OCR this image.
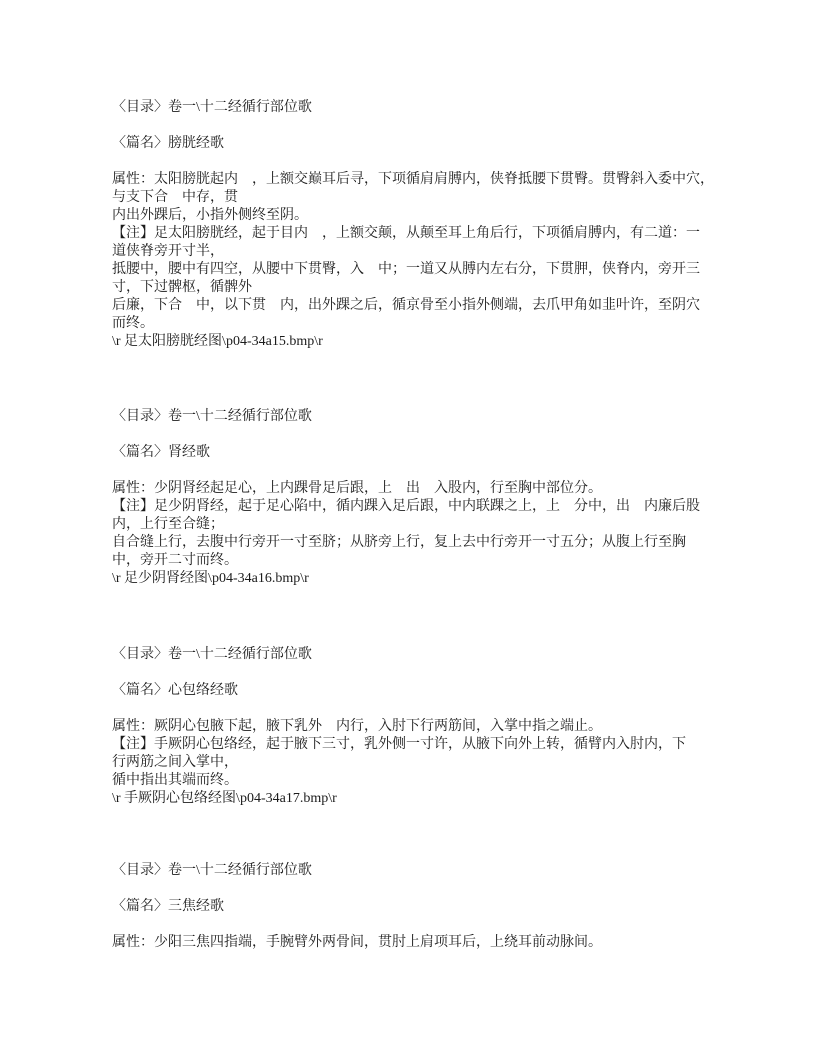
〈目录〉卷一\十二经循行部位歌
〈篇名〉膀胱经歌
属性：太阳膀胱起内　，上额交巅耳后寻，下项循肩肩膊内，侠脊抵腰下贯臀。贯臀斜入委中穴，
与支下合　中存，贯
内出外踝后，小指外侧终至阴。
【注】足太阳膀胱经，起于目内　，上额交颠，从颠至耳上角后行，下项循肩膊内，有二道：一
道侠脊旁开寸半，
抵腰中，腰中有四空，从腰中下贯臀，入　中；一道又从膊内左右分，下贯胛，侠脊内，旁开三
寸，下过髀枢，循髀外
后廉，下合　中，以下贯　内，出外踝之后，循京骨至小指外侧端，去爪甲角如韭叶许，至阴穴
而终。
\r 足太阳膀胱经图\p04-34a15.bmp\r
〈目录〉卷一\十二经循行部位歌
〈篇名〉肾经歌
属性：少阴肾经起足心，上内踝骨足后跟，上　出　入股内，行至胸中部位分。
【注】足少阴肾经，起于足心陷中，循内踝入足后跟，中内联踝之上，上　分中，出　内廉后股
内，上行至合缝；
自合缝上行，去腹中行旁开一寸至脐；从脐旁上行，复上去中行旁开一寸五分；从腹上行至胸
中，旁开二寸而终。
\r 足少阴肾经图\p04-34a16.bmp\r
〈目录〉卷一\十二经循行部位歌
〈篇名〉心包络经歌
属性：厥阴心包腋下起，腋下乳外　内行，入肘下行两筋间，入掌中指之端止。
【注】手厥阴心包络经，起于腋下三寸，乳外侧一寸许，从腋下向外上转，循臂内入肘内，下
行两筋之间入掌中，
循中指出其端而终。
\r 手厥阴心包络经图\p04-34a17.bmp\r
〈目录〉卷一\十二经循行部位歌
〈篇名〉三焦经歌
属性：少阳三焦四指端，手腕臂外两骨间，贯肘上肩项耳后，上绕耳前动脉间。
